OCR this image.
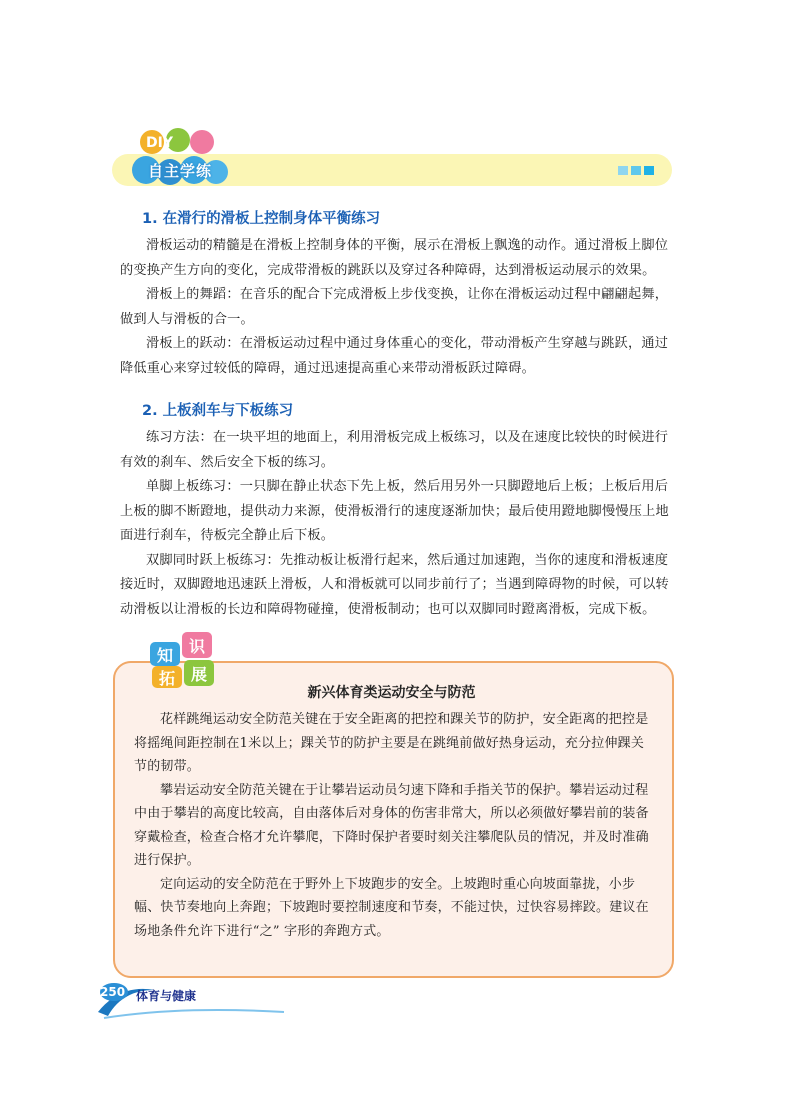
DIY
自主学练
1. 在滑行的滑板上控制身体平衡练习

滑板运动的精髓是在滑板上控制身体的平衡，展示在滑板上飘逸的动作。通过滑板上脚位的变换产生方向的变化，完成带滑板的跳跃以及穿过各种障碍，达到滑板运动展示的效果。

滑板上的舞蹈：在音乐的配合下完成滑板上步伐变换，让你在滑板运动过程中翩翩起舞，做到人与滑板的合一。

滑板上的跃动：在滑板运动过程中通过身体重心的变化，带动滑板产生穿越与跳跃，通过降低重心来穿过较低的障碍，通过迅速提高重心来带动滑板跃过障碍。

2. 上板刹车与下板练习

练习方法：在一块平坦的地面上，利用滑板完成上板练习，以及在速度比较快的时候进行有效的刹车、然后安全下板的练习。

单脚上板练习：一只脚在静止状态下先上板，然后用另外一只脚蹬地后上板；上板后用后上板的脚不断蹬地，提供动力来源，使滑板滑行的速度逐渐加快；最后使用蹬地脚慢慢压上地面进行刹车，待板完全静止后下板。

双脚同时跃上板练习：先推动板让板滑行起来，然后通过加速跑，当你的速度和滑板速度接近时，双脚蹬地迅速跃上滑板，人和滑板就可以同步前行了；当遇到障碍物的时候，可以转动滑板以让滑板的长边和障碍物碰撞，使滑板制动；也可以双脚同时蹬离滑板，完成下板。

知 识
拓 展
新兴体育类运动安全与防范

花样跳绳运动安全防范关键在于安全距离的把控和踝关节的防护，安全距离的把控是将摇绳间距控制在1米以上；踝关节的防护主要是在跳绳前做好热身运动，充分拉伸踝关节的韧带。

攀岩运动安全防范关键在于让攀岩运动员匀速下降和手指关节的保护。攀岩运动过程中由于攀岩的高度比较高，自由落体后对身体的伤害非常大，所以必须做好攀岩前的装备穿戴检查，检查合格才允许攀爬，下降时保护者要时刻关注攀爬队员的情况，并及时准确进行保护。

定向运动的安全防范在于野外上下坡跑步的安全。上坡跑时重心向坡面靠拢，小步幅、快节奏地向上奔跑；下坡跑时要控制速度和节奏，不能过快，过快容易摔跤。建议在场地条件允许下进行“之” 字形的奔跑方式。

250 体育与健康
